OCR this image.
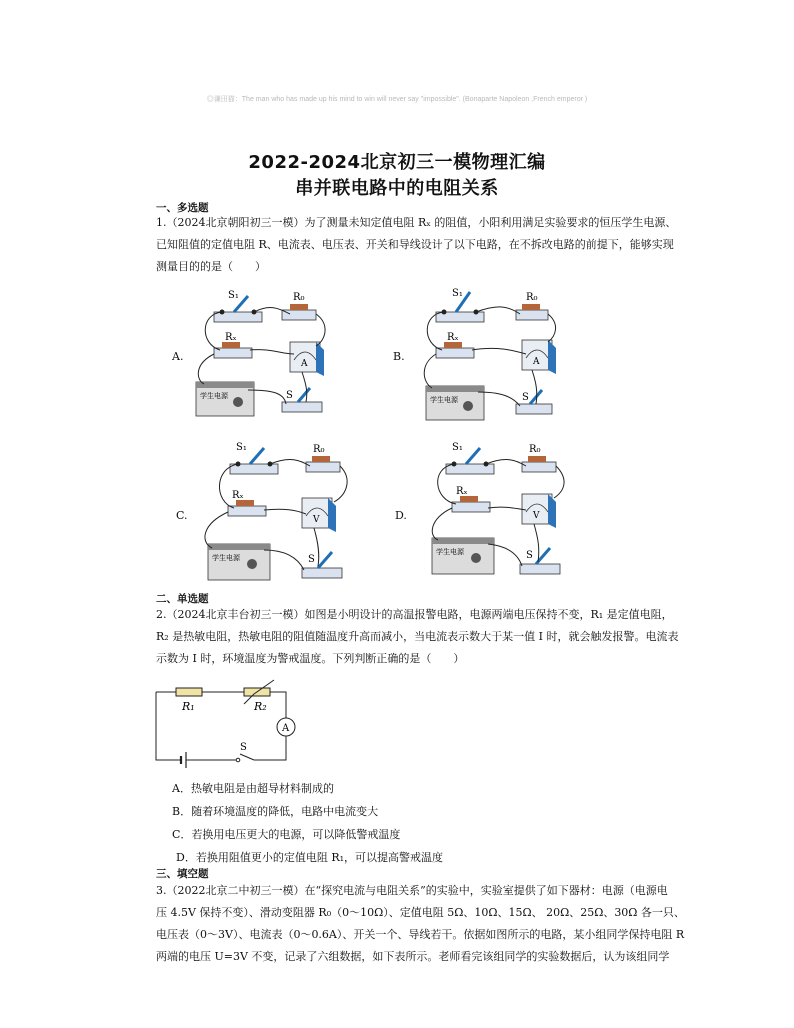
◎谦田猫：The man who has made up his mind to win will never say "impossible". (Bonaparte Napoleon ,French emperor )
2022-2024北京初三一模物理汇编
串并联电路中的电阻关系
一、多选题
1.（2024北京朝阳初三一模）为了测量未知定值电阻 Rₓ 的阻值，小阳利用满足实验要求的恒压学生电源、
已知阻值的定值电阻 R、电流表、电压表、开关和导线设计了以下电路，在不拆改电路的前提下，能够实现
测量目的的是（　　）
A.	B.
C.	D.
S₁	R₀
Rₓ
A
学生电源	S
S₁	R₀
Rₓ
A
学生电源	S
S₁	R₀
Rₓ
V
学生电源	S
S₁	R₀
Rₓ
V
学生电源	S
二、单选题
2.（2024北京丰台初三一模）如图是小明设计的高温报警电路，电源两端电压保持不变，R₁ 是定值电阻，
R₂ 是热敏电阻，热敏电阻的阻值随温度升高而减小，当电流表示数大于某一值 I 时，就会触发报警。电流表
示数为 I 时，环境温度为警戒温度。下列判断正确的是（　　）
A
R₁	R₂
S
A．热敏电阻是由超导材料制成的
B．随着环境温度的降低，电路中电流变大
C．若换用电压更大的电源，可以降低警戒温度
D．若换用阻值更小的定值电阻 R₁，可以提高警戒温度
三、填空题
3.（2022北京二中初三一模）在“探究电流与电阻关系”的实验中，实验室提供了如下器材：电源（电源电
压 4.5V 保持不变）、滑动变阻器 R₀（0～10Ω）、定值电阻 5Ω、10Ω、15Ω、 20Ω、25Ω、30Ω 各一只、
电压表（0～3V）、电流表（0～0.6A）、开关一个、导线若干。依据如图所示的电路，某小组同学保持电阻 R
两端的电压 U=3V 不变，记录了六组数据，如下表所示。老师看完该组同学的实验数据后，认为该组同学
